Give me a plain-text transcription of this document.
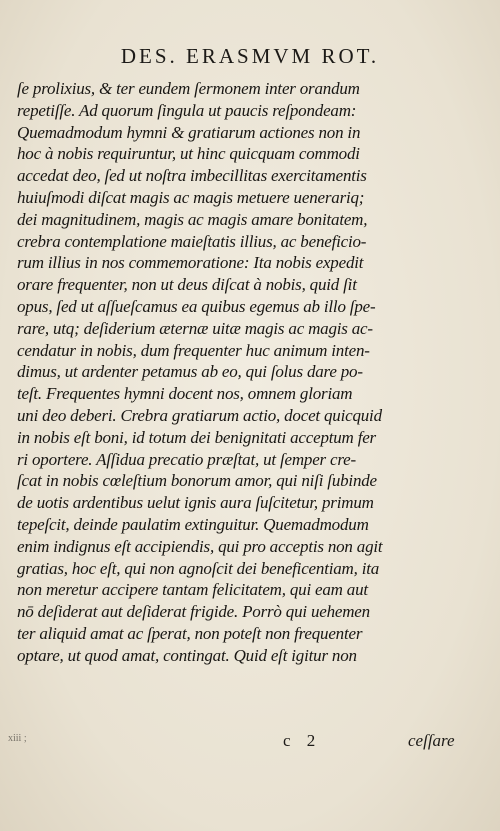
DES. ERASMVM ROT.
ſe prolixius, & ter eundem ſermonem inter orandum
repetiſſe. Ad quorum ſingula ut paucis reſpondeam:
Quemadmodum hymni & gratiarum actiones non in
hoc à nobis requiruntur, ut hinc quicquam commodi
accedat deo, ſed ut noſtra imbecillitas exercitamentis
huiuſmodi diſcat magis ac magis metuere uenerariq;
dei magnitudinem, magis ac magis amare bonitatem,
crebra contemplatione maieſtatis illius, ac beneficio-
rum illius in nos commemoratione: Ita nobis expedit
orare frequenter, non ut deus diſcat à nobis, quid ſit
opus, ſed ut aſſueſcamus ea quibus egemus ab illo ſpe-
rare, utq; deſiderium æternæ uitæ magis ac magis ac-
cendatur in nobis, dum frequenter huc animum inten-
dimus, ut ardenter petamus ab eo, qui ſolus dare po-
teſt. Frequentes hymni docent nos, omnem gloriam
uni deo deberi. Crebra gratiarum actio, docet quicquid
in nobis eſt boni, id totum dei benignitati acceptum fer
ri oportere. Aſſidua precatio præſtat, ut ſemper cre-
ſcat in nobis cœleſtium bonorum amor, qui niſi ſubinde
de uotis ardentibus uelut ignis aura ſuſcitetur, primum
tepeſcit, deinde paulatim extinguitur. Quemadmodum
enim indignus eſt accipiendis, qui pro acceptis non agit
gratias, hoc eſt, qui non agnoſcit dei beneficentiam, ita
non meretur accipere tantam felicitatem, qui eam aut
nō deſiderat aut deſiderat frigide. Porrò qui uehemen
ter aliquid amat ac ſperat, non poteſt non frequenter
optare, ut quod amat, contingat. Quid eſt igitur non
xiii ;	c 2	ceſſare
